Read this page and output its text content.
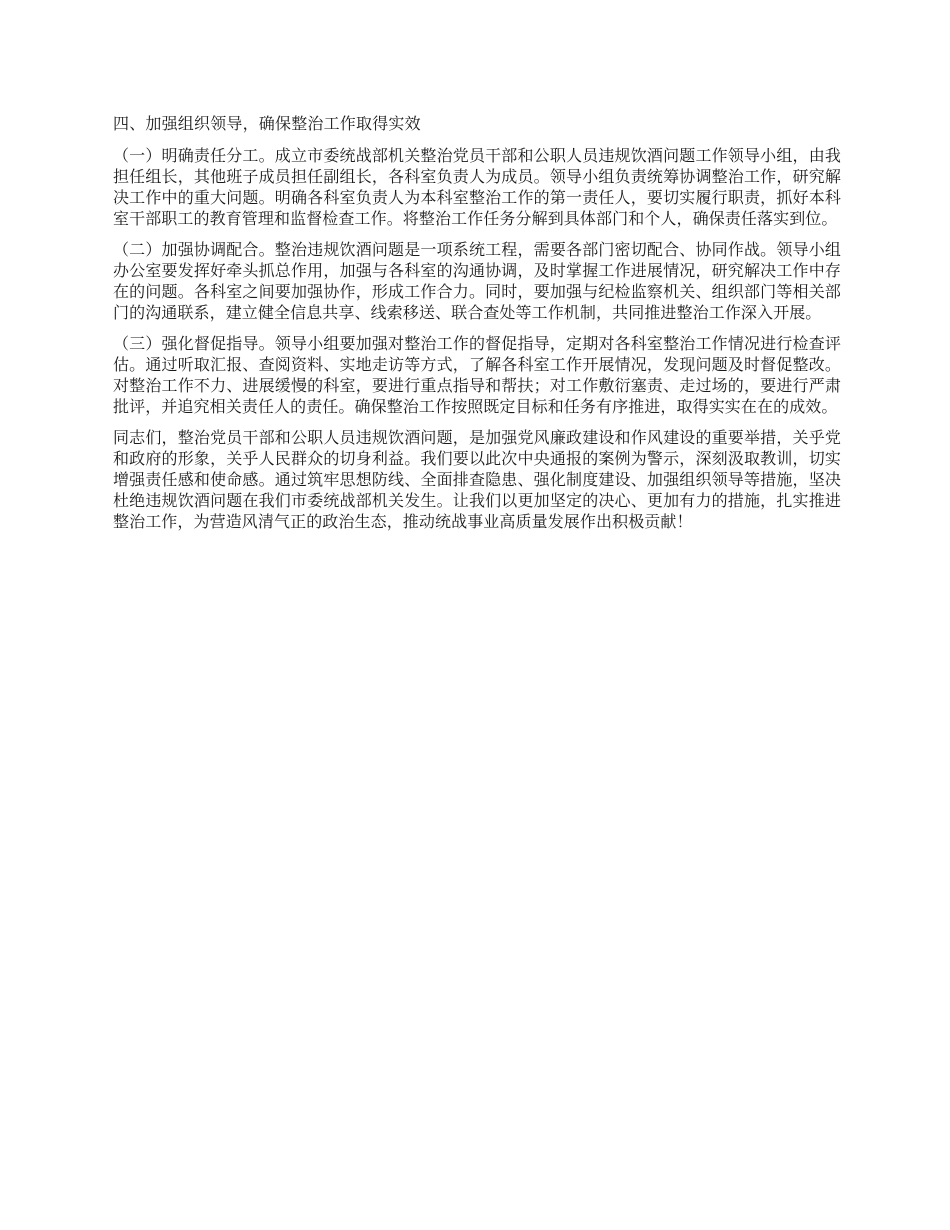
四、加强组织领导，确保整治工作取得实效

（一）明确责任分工。成立市委统战部机关整治党员干部和公职人员违规饮酒问题工作领导小组，由我担任组长，其他班子成员担任副组长，各科室负责人为成员。领导小组负责统筹协调整治工作，研究解决工作中的重大问题。明确各科室负责人为本科室整治工作的第一责任人，要切实履行职责，抓好本科室干部职工的教育管理和监督检查工作。将整治工作任务分解到具体部门和个人，确保责任落实到位。

（二）加强协调配合。整治违规饮酒问题是一项系统工程，需要各部门密切配合、协同作战。领导小组办公室要发挥好牵头抓总作用，加强与各科室的沟通协调，及时掌握工作进展情况，研究解决工作中存在的问题。各科室之间要加强协作，形成工作合力。同时，要加强与纪检监察机关、组织部门等相关部门的沟通联系，建立健全信息共享、线索移送、联合查处等工作机制，共同推进整治工作深入开展。

（三）强化督促指导。领导小组要加强对整治工作的督促指导，定期对各科室整治工作情况进行检查评估。通过听取汇报、查阅资料、实地走访等方式，了解各科室工作开展情况，发现问题及时督促整改。对整治工作不力、进展缓慢的科室，要进行重点指导和帮扶；对工作敷衍塞责、走过场的，要进行严肃批评，并追究相关责任人的责任。确保整治工作按照既定目标和任务有序推进，取得实实在在的成效。

同志们，整治党员干部和公职人员违规饮酒问题，是加强党风廉政建设和作风建设的重要举措，关乎党和政府的形象，关乎人民群众的切身利益。我们要以此次中央通报的案例为警示，深刻汲取教训，切实增强责任感和使命感。通过筑牢思想防线、全面排查隐患、强化制度建设、加强组织领导等措施，坚决杜绝违规饮酒问题在我们市委统战部机关发生。让我们以更加坚定的决心、更加有力的措施，扎实推进整治工作，为营造风清气正的政治生态，推动统战事业高质量发展作出积极贡献！
